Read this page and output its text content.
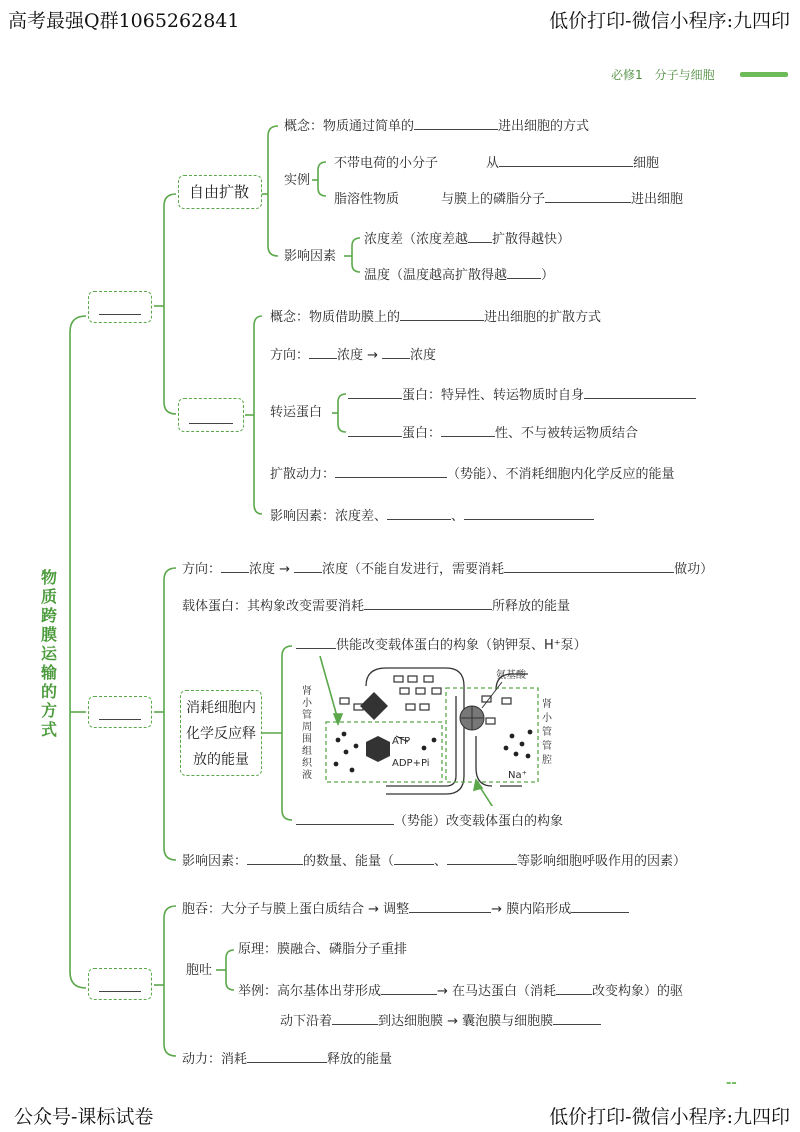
高考最强Q群1065262841	低价打印-微信小程序:九四印
必修1　分子与细胞
公众号-课标试卷	低价打印-微信小程序:九四印
--
物质跨膜运输的方式
自由扩散
概念：物质通过简单的	进出细胞的方式
实例
不带电荷的小分子	从	细胞
脂溶性物质	与膜上的磷脂分子	进出细胞
影响因素
浓度差（浓度差越 扩散得越快）
温度（温度越高扩散得越	）
概念：物质借助膜上的	进出细胞的扩散方式
方向： 浓度 → 浓度
转运蛋白
蛋白：特异性、转运物质时自身
蛋白：	性、不与被转运物质结合
扩散动力：	（势能）、不消耗细胞内化学反应的能量
影响因素：浓度差、	、
方向： 浓度 → 浓度（不能自发进行，需要消耗	做功）
载体蛋白：其构象改变需要消耗	所释放的能量
消耗细胞内
化学反应释
放的能量
供能改变载体蛋白的构象（钠钾泵、H⁺泵）
（势能）改变载体蛋白的构象
肾小管周围组织液
肾小管管腔
氨基酸
ATP
ADP+Pi
Na⁺
影响因素：	的数量、能量（	、	等影响细胞呼吸作用的因素）
胞吞：大分子与膜上蛋白质结合 → 调整	→ 膜内陷形成
胞吐
原理：膜融合、磷脂分子重排
举例：高尔基体出芽形成	→ 在马达蛋白（消耗	改变构象）的驱
动下沿着	到达细胞膜 → 囊泡膜与细胞膜
动力：消耗	释放的能量
